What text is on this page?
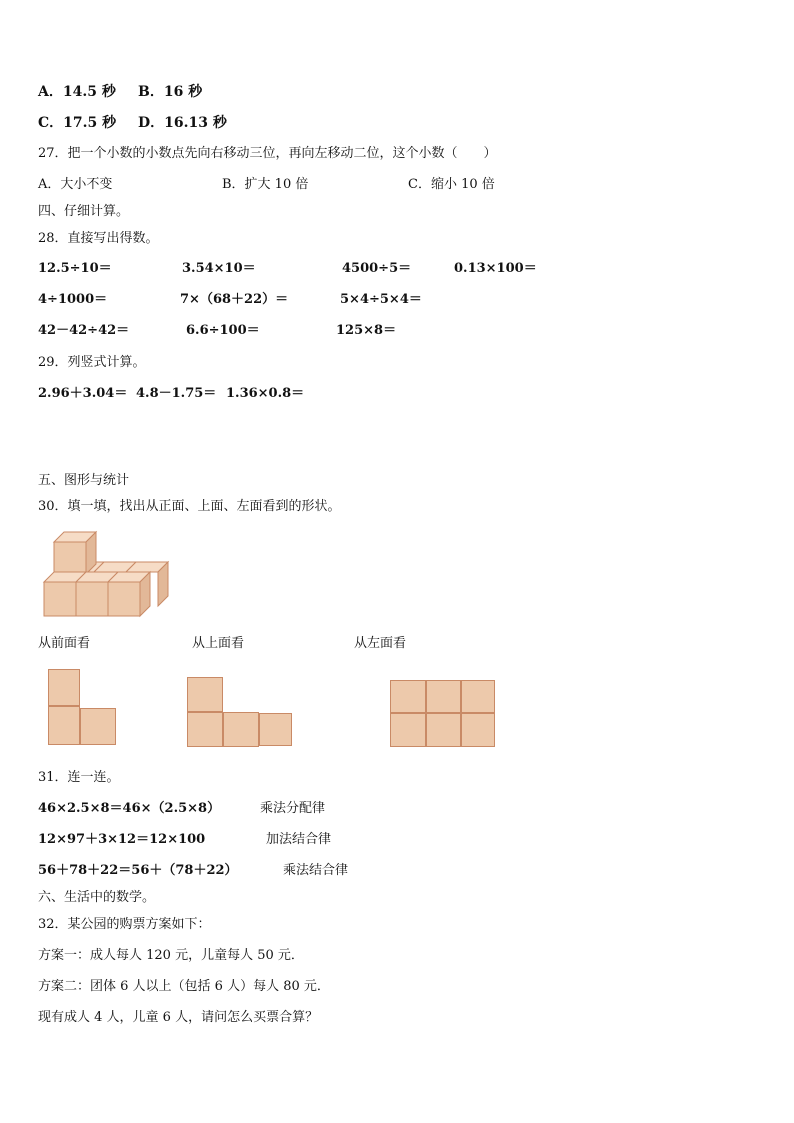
A．14.5 秒 B．16 秒
C．17.5 秒 D．16.13 秒
27．把一个小数的小数点先向右移动三位，再向左移动二位，这个小数（　　）
A．大小不变	B．扩大 10 倍	C．缩小 10 倍
四、仔细计算。
28．直接写出得数。
12.5÷10＝	3.54×10＝	4500÷5＝	0.13×100＝
4÷1000＝	7×（68＋22）＝	5×4÷5×4＝
42－42÷42＝	6.6÷100＝	125×8＝
29．列竖式计算。
2.96＋3.04＝ 4.8－1.75＝ 1.36×0.8＝
五、图形与统计
30．填一填，找出从正面、上面、左面看到的形状。
从前面看	从上面看	从左面看
31．连一连。
46×2.5×8＝46×（2.5×8）	乘法分配律
12×97＋3×12＝12×100	加法结合律
56＋78＋22＝56＋（78＋22）	乘法结合律
六、生活中的数学。
32．某公园的购票方案如下：
方案一：成人每人 120 元，儿童每人 50 元．
方案二：团体 6 人以上（包括 6 人）每人 80 元．
现有成人 4 人，儿童 6 人，请问怎么买票合算？
